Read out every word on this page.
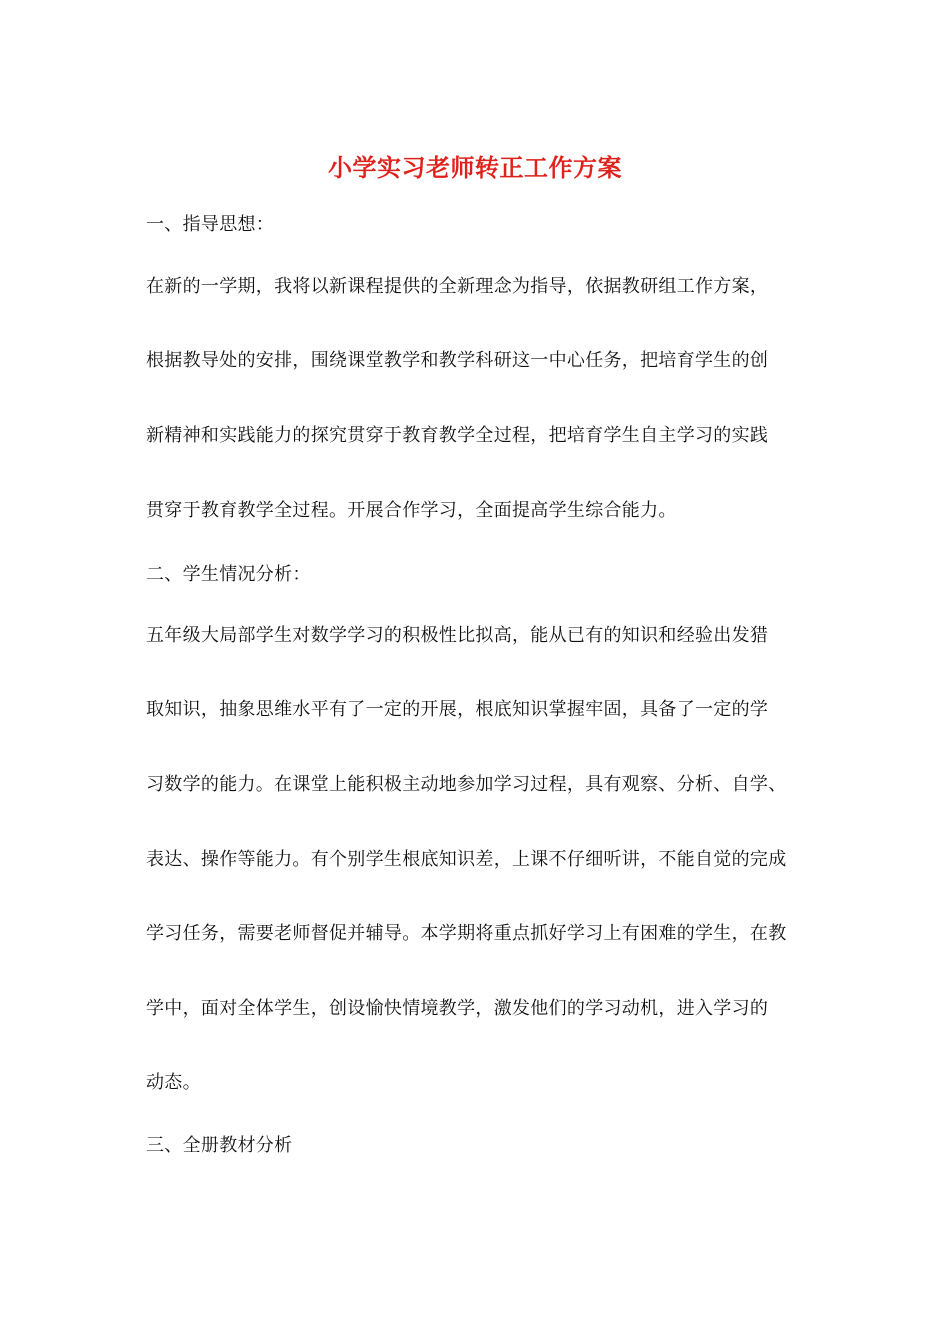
小学实习老师转正工作方案
一、指导思想：
在新的一学期，我将以新课程提供的全新理念为指导，依据教研组工作方案，
根据教导处的安排，围绕课堂教学和教学科研这一中心任务，把培育学生的创
新精神和实践能力的探究贯穿于教育教学全过程，把培育学生自主学习的实践
贯穿于教育教学全过程。开展合作学习，全面提高学生综合能力。
二、学生情况分析：
五年级大局部学生对数学学习的积极性比拟高，能从已有的知识和经验出发猎
取知识，抽象思维水平有了一定的开展，根底知识掌握牢固，具备了一定的学
习数学的能力。在课堂上能积极主动地参加学习过程，具有观察、分析、自学、
表达、操作等能力。有个别学生根底知识差，上课不仔细听讲，不能自觉的完成
学习任务，需要老师督促并辅导。本学期将重点抓好学习上有困难的学生，在教
学中，面对全体学生，创设愉快情境教学，激发他们的学习动机，进入学习的
动态。
三、全册教材分析
